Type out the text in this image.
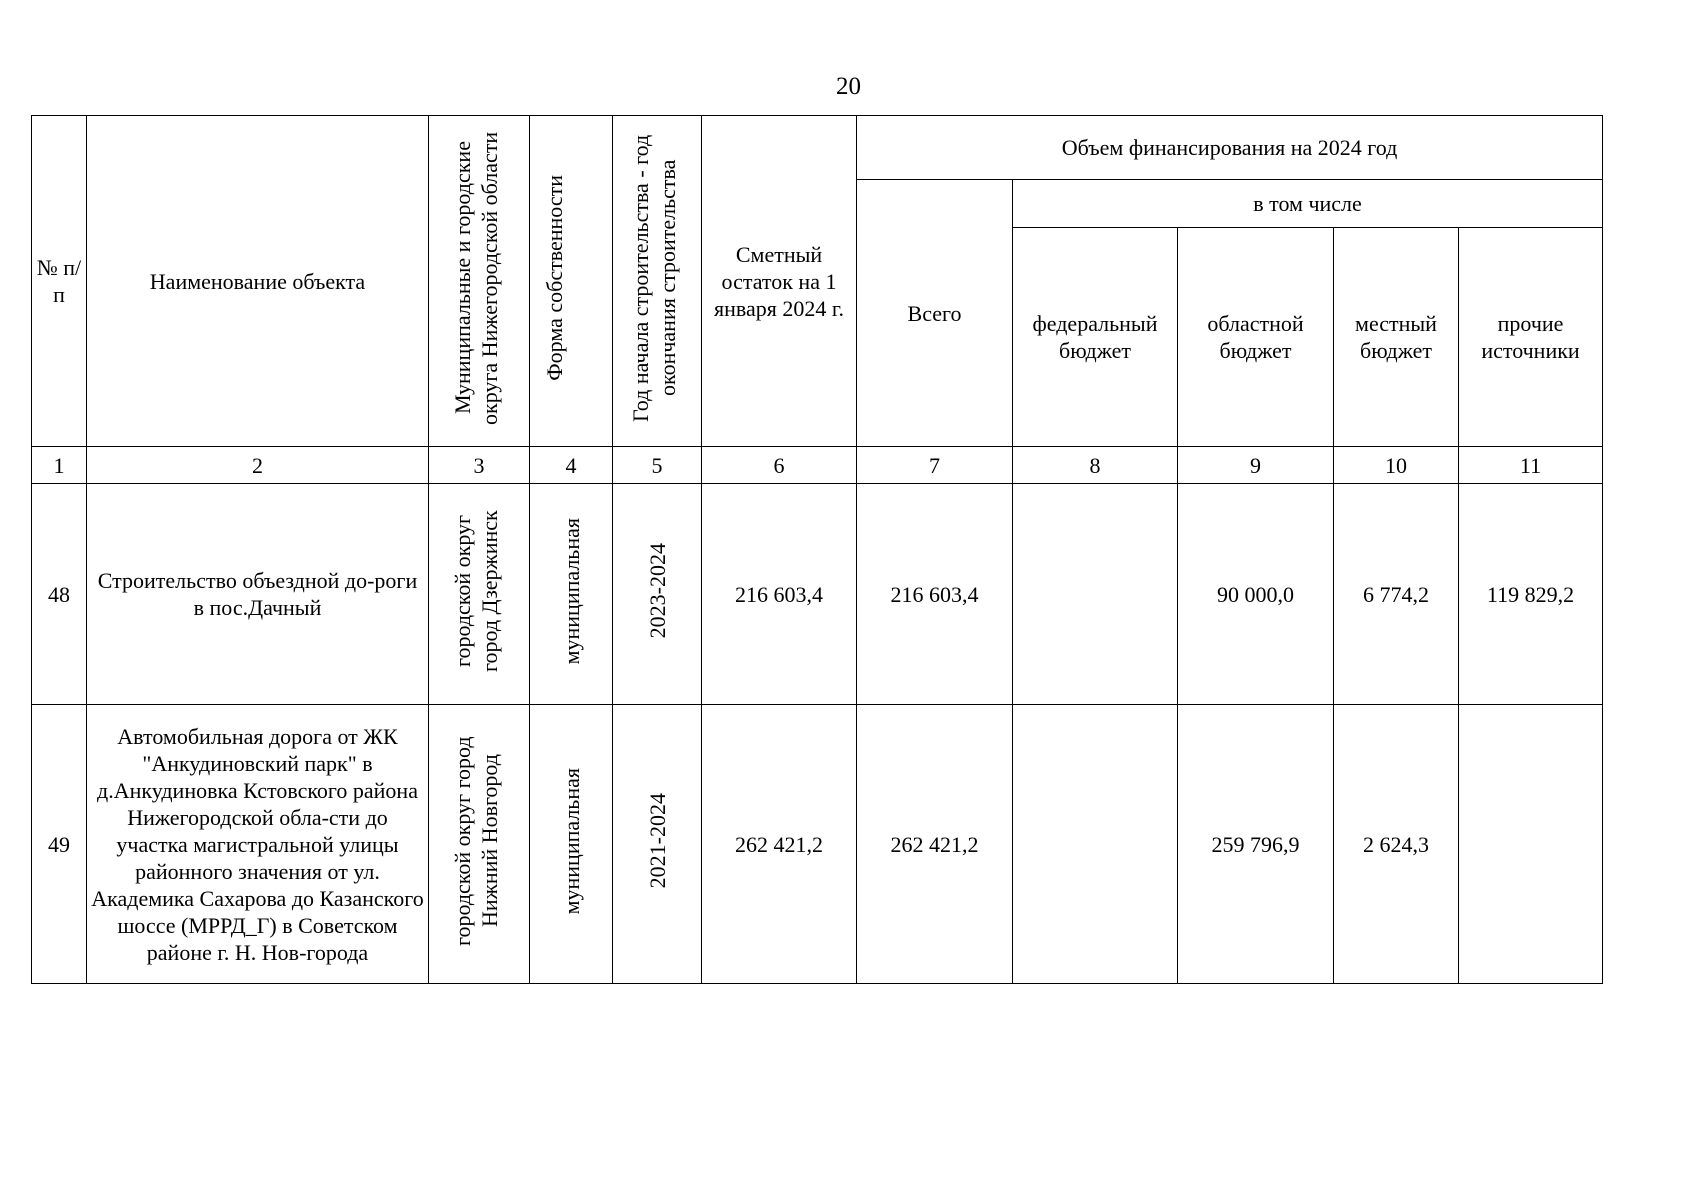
20
№ п/п	Наименование объекта	Муниципальные и городские округа Нижегородской области	Форма собственности	Год начала строительства - год окончания строительства	Сметный остаток на 1 января 2024 г.	Объем финансирования на 2024 год				
						Всего	в том числе			
							федеральный бюджет	областной бюджет	местный бюджет	прочие источники
1	2	3	4	5	6	7	8	9	10	11
48	Строительство объездной до-роги в пос.Дачный	городской округ город Дзержинск	муниципальная	2023-2024	216 603,4	216 603,4		90 000,0	6 774,2	119 829,2
49	Автомобильная дорога от ЖК "Анкудиновский парк" в д.Анкудиновка Кстовского района Нижегородской обла-сти до участка магистральной улицы районного значения от ул. Академика Сахарова до Казанского шоссе (МРРД_Г) в Советском районе г. Н. Нов-города	городской округ город Нижний Новгород	муниципальная	2021-2024	262 421,2	262 421,2		259 796,9	2 624,3	
